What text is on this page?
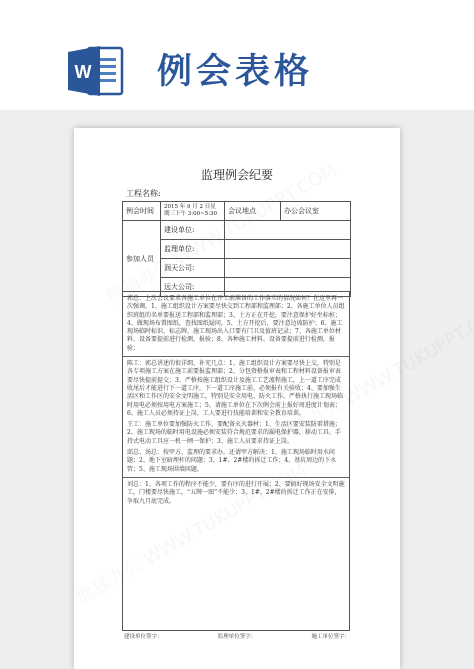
W 例会表格
监理例会纪要
工程名称:
例会时间	2015 年 9 月 2 日星期三下午 3:00~5:30	会议地点	办公会议室
参加人员	建设单位:		
	监理单位:		
	润天公司:		
	远大公司:		

郭总：上次会议要求各施工单位在开工前准备的工作落实的情况如何？在这里再一次强调，1、施工组织设计方案要尽快交到工程部和监理部；2、各施工单位人员组织班组的名单要报送工程部和监理部；3、土方正在开挖，要注意保护好坐标桩；4、做现场布置图纸，查找图纸疑问，5、土方开挖后，要注意边坡防护；6、施工现场临时标识、标志牌，施工现场出入口要有门卫及值班记录；7、各施工单位材料、设备要提前进行检测，报验；8、各种施工材料、设备要提前进行检测，报验；

陈工：郭总讲述的很详细，补充几点：1、施工组织设计方案要尽快上交，特别是各专项施工方案在施工前要报监理部；2、分包资格报审表和工程材料设备报审表要尽快提前提交；3、严格按施工组织设计及施工工艺流程施工，上一道工序完成收尾后才能进行下一道工序，下一道工序施工前，必须报有关验收；4、要加强生活区和工作区的安全文明施工，特别是安全用电、防火工作，严格执行施工现场临时用电必须按用电方案施工；5、请施工单位在下次例会前上报好周进度计划表；6、施工人员必须持证上岗，工人要进行技能培训和安全教育培训。

王工：施工单位要加强防火工作，要配备灭火器材；1、生活区要安装防雷措施；2、施工现场的临时用电设施必须安装符合规范要求的漏电保护器，移动工具、手持式电动工具应一机一闸一保护；3、施工人员要求持证上岗。

邱总、汤总：按甲方、监理的要求办，还请甲方解决：1、施工现场临时用水问题；2、地下室暗埋杆的问题；3、1#、2#楼的拆迁工作；4、基坑周边的下水管；5、施工现场围墙问题。

刘总：1、各项工作的程序不能少，要有序的进行开展；2、要搞好现场安全文明施工，门楼要尽快施工，“五牌一图”不能少；3、1#、2#楼的拆迁工作正在安排，争取九月底完成。

建设单位签字：	监理单位签字：	施工单位签字：
